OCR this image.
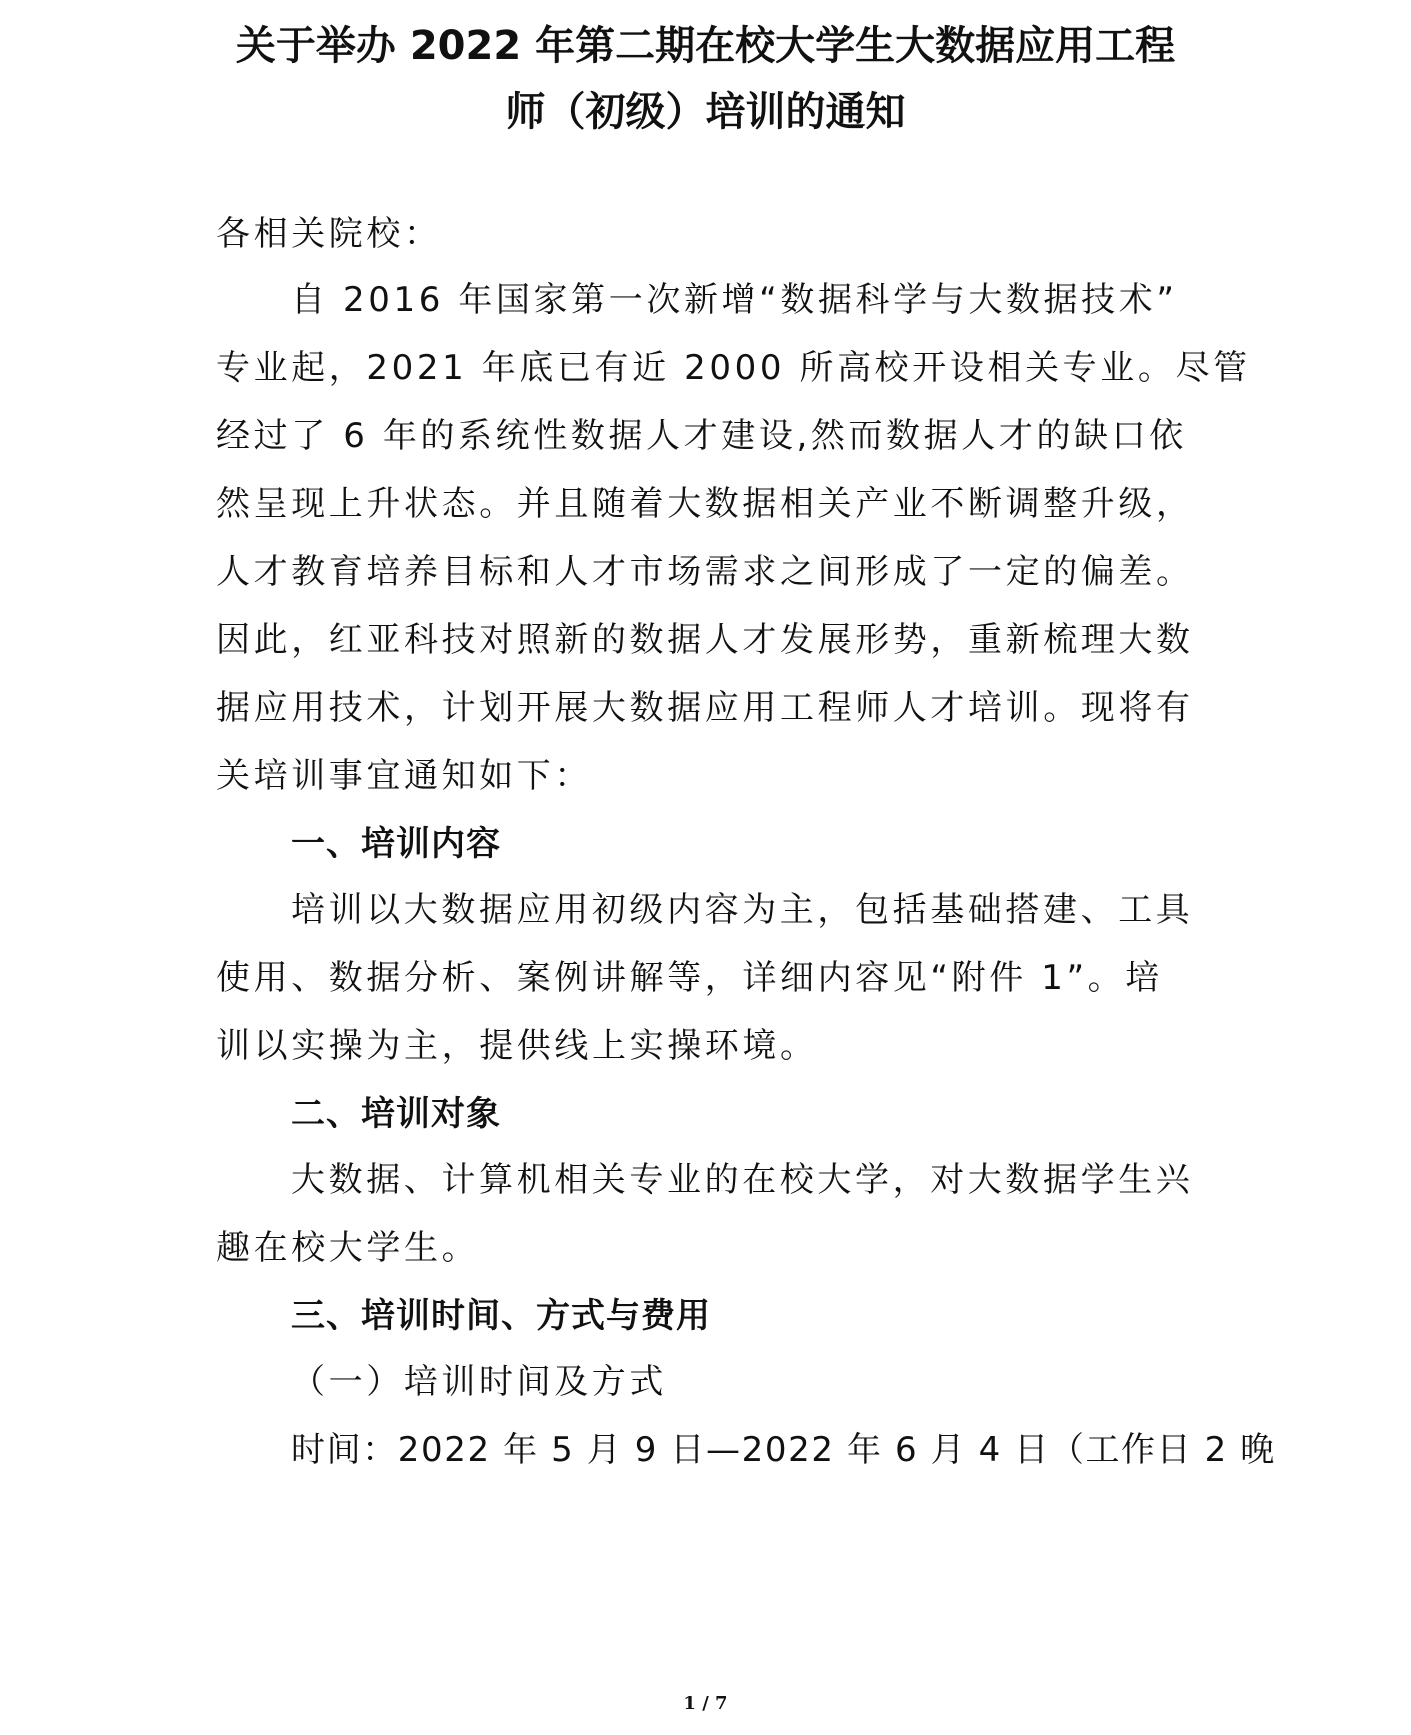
关于举办 2022 年第二期在校大学生大数据应用工程
师（初级）培训的通知
各相关院校：
自 2016 年国家第一次新增“数据科学与大数据技术”
专业起，2021 年底已有近 2000 所高校开设相关专业。尽管
经过了 6 年的系统性数据人才建设,然而数据人才的缺口依
然呈现上升状态。并且随着大数据相关产业不断调整升级，
人才教育培养目标和人才市场需求之间形成了一定的偏差。
因此，红亚科技对照新的数据人才发展形势，重新梳理大数
据应用技术，计划开展大数据应用工程师人才培训。现将有
关培训事宜通知如下：
一、培训内容
培训以大数据应用初级内容为主，包括基础搭建、工具
使用、数据分析、案例讲解等，详细内容见“附件 1”。培
训以实操为主，提供线上实操环境。
二、培训对象
大数据、计算机相关专业的在校大学，对大数据学生兴
趣在校大学生。
三、培训时间、方式与费用
（一）培训时间及方式
时间：2022 年 5 月 9 日—2022 年 6 月 4 日（工作日 2 晚
1 / 7
